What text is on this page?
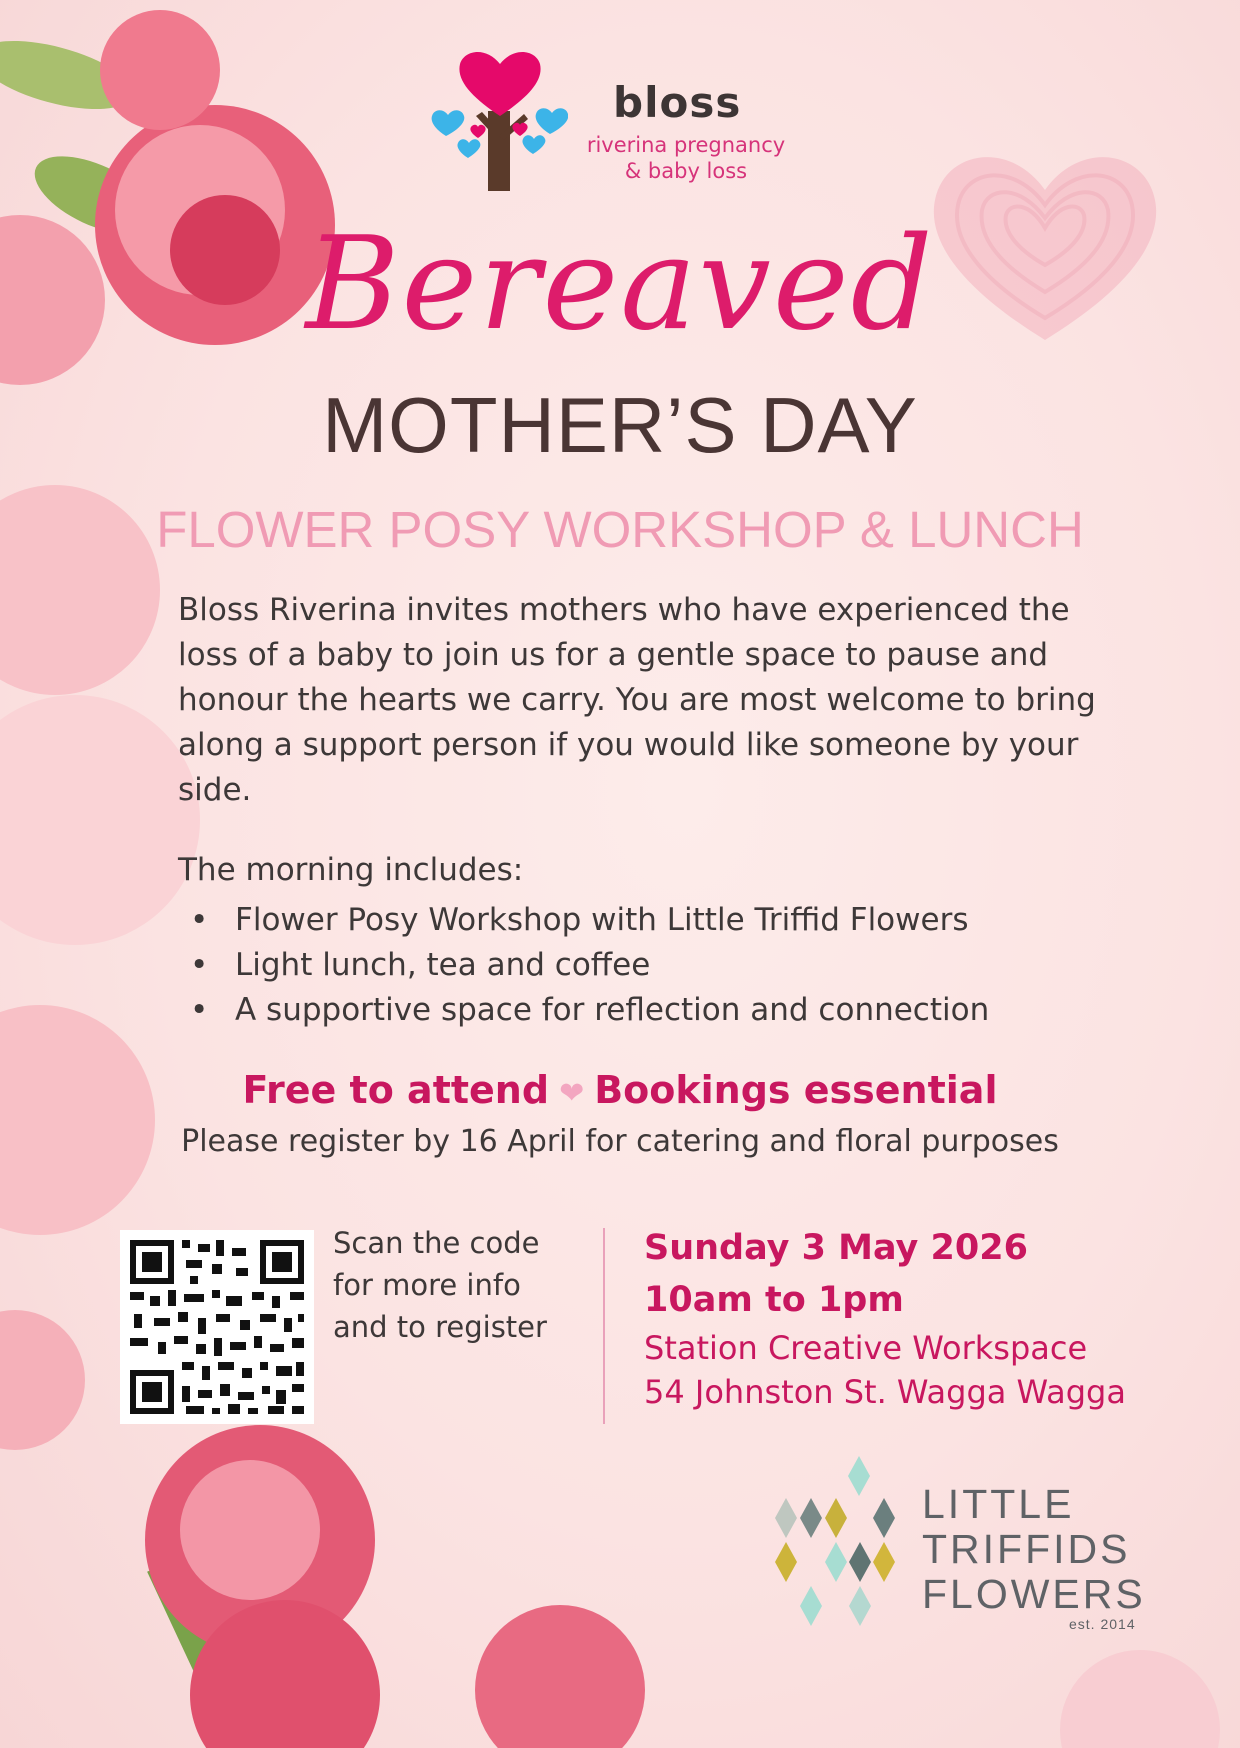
bloss
riverina pregnancy
& baby loss
Bereaved
MOTHER’S DAY
FLOWER POSY WORKSHOP & LUNCH
Bloss Riverina invites mothers who have experienced the loss of a baby to join us for a gentle space to pause and honour the hearts we carry. You are most welcome to bring along a support person if you would like someone by your side.
The morning includes:
• Flower Posy Workshop with Little Triffid Flowers
• Light lunch, tea and coffee
• A supportive space for reflection and connection
Free to attend ❤ Bookings essential
Please register by 16 April for catering and floral purposes
Scan the code
for more info
and to register
Sunday 3 May 2026
10am to 1pm
Station Creative Workspace
54 Johnston St. Wagga Wagga
LITTLE
TRIFFIDS
FLOWERS
est. 2014
